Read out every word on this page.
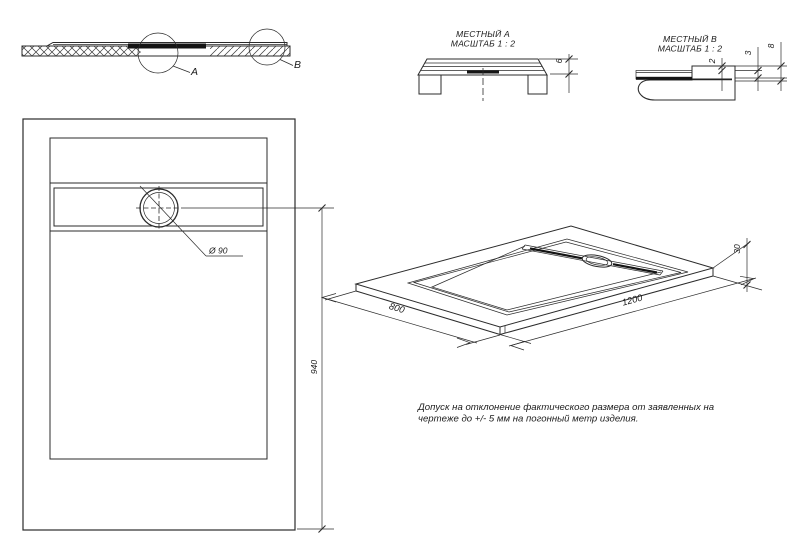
A
B
МЕСТНЫЙ А
МАСШТАБ 1 : 2
6
МЕСТНЫЙ В
МАСШТАБ 1 : 2
2
3
8
Ø 90
940
800
1200
30
Допуск на отклонение фактического размера от заявленных на
чертеже до +/- 5 мм на погонный метр изделия.
